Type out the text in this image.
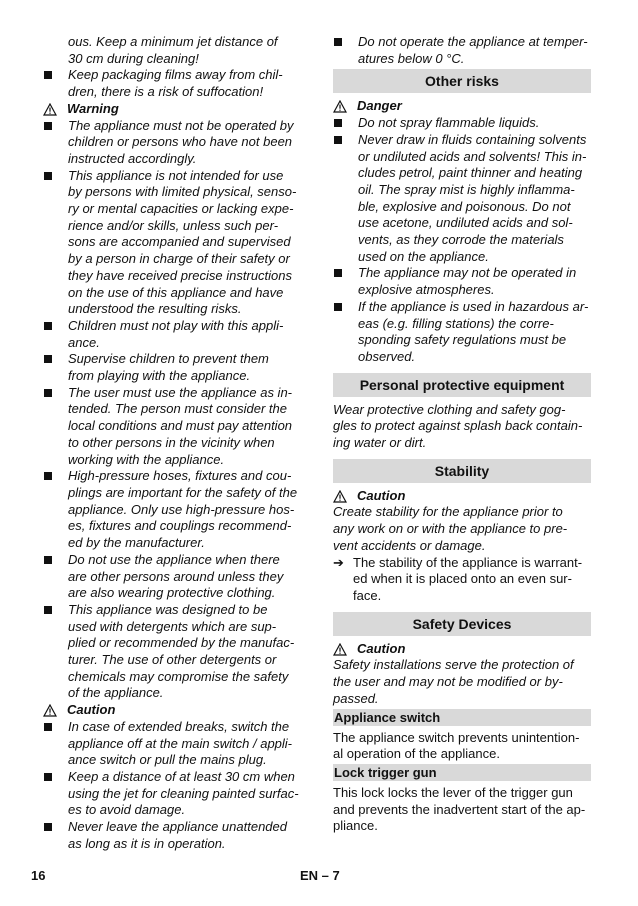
ous. Keep a minimum jet distance of
30 cm during cleaning!
Keep packaging films away from chil-
dren, there is a risk of suffocation!
Warning
The appliance must not be operated by
children or persons who have not been
instructed accordingly.
This appliance is not intended for use
by persons with limited physical, senso-
ry or mental capacities or lacking expe-
rience and/or skills, unless such per-
sons are accompanied and supervised
by a person in charge of their safety or
they have received precise instructions
on the use of this appliance and have
understood the resulting risks.
Children must not play with this appli-
ance.
Supervise children to prevent them
from playing with the appliance.
The user must use the appliance as in-
tended. The person must consider the
local conditions and must pay attention
to other persons in the vicinity when
working with the appliance.
High-pressure hoses, fixtures and cou-
plings are important for the safety of the
appliance. Only use high-pressure hos-
es, fixtures and couplings recommend-
ed by the manufacturer.
Do not use the appliance when there
are other persons around unless they
are also wearing protective clothing.
This appliance was designed to be
used with detergents which are sup-
plied or recommended by the manufac-
turer. The use of other detergents or
chemicals may compromise the safety
of the appliance.
Caution
In case of extended breaks, switch the
appliance off at the main switch / appli-
ance switch or pull the mains plug.
Keep a distance of at least 30 cm when
using the jet for cleaning painted surfac-
es to avoid damage.
Never leave the appliance unattended
as long as it is in operation.
Do not operate the appliance at temper-
atures below 0 °C.
Other risks
Danger
Do not spray flammable liquids.
Never draw in fluids containing solvents
or undiluted acids and solvents! This in-
cludes petrol, paint thinner and heating
oil. The spray mist is highly inflamma-
ble, explosive and poisonous. Do not
use acetone, undiluted acids and sol-
vents, as they corrode the materials
used on the appliance.
The appliance may not be operated in
explosive atmospheres.
If the appliance is used in hazardous ar-
eas (e.g. filling stations) the corre-
sponding safety regulations must be
observed.
Personal protective equipment
Wear protective clothing and safety gog-
gles to protect against splash back contain-
ing water or dirt.
Stability
Caution
Create stability for the appliance prior to
any work on or with the appliance to pre-
vent accidents or damage.
➔ The stability of the appliance is warrant-
ed when it is placed onto an even sur-
face.
Safety Devices
Caution
Safety installations serve the protection of
the user and may not be modified or by-
passed.
Appliance switch
The appliance switch prevents unintention-
al operation of the appliance.
Lock trigger gun
This lock locks the lever of the trigger gun
and prevents the inadvertent start of the ap-
pliance.
16	EN – 7
